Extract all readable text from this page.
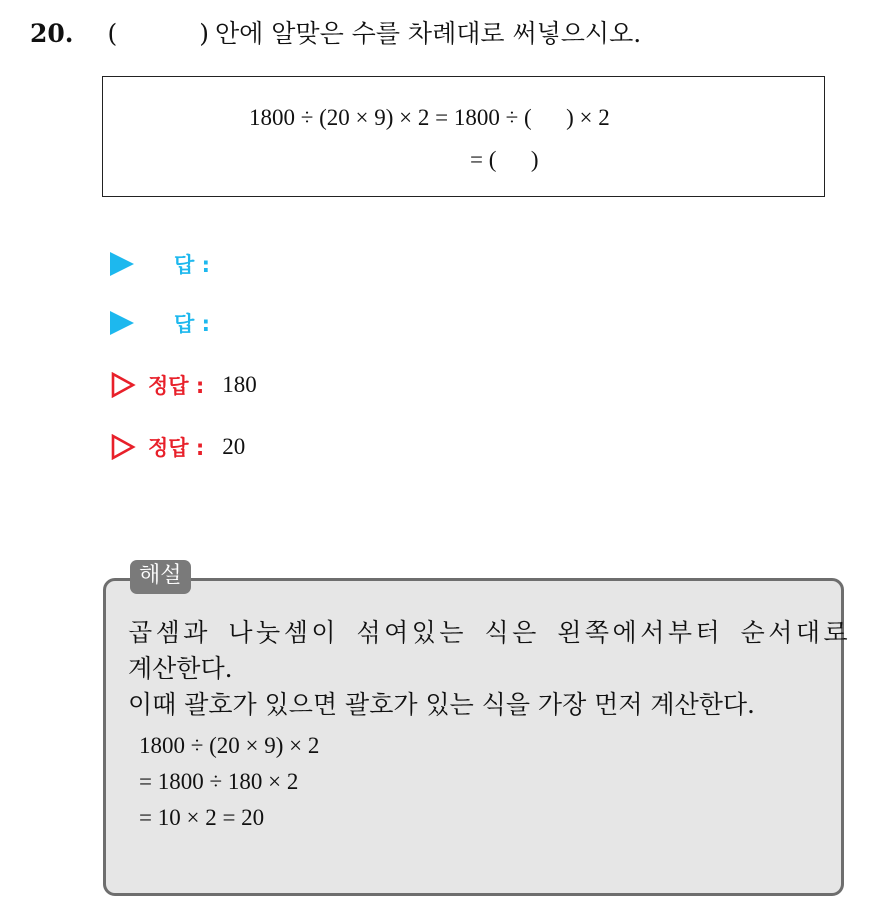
20. (	) 안에 알맞은 수를 차례대로 써넣으시오.
1800 ÷ (20 × 9) × 2 = 1800 ÷ (      ) × 2
= (      )
답 :
답 :
정답 : 180
정답 : 20
해설
곱셈과 나눗셈이 섞여있는 식은 왼쪽에서부터 순서대로
계산한다.
이때 괄호가 있으면 괄호가 있는 식을 가장 먼저 계산한다.
1800 ÷ (20 × 9) × 2
= 1800 ÷ 180 × 2
= 10 × 2 = 20
